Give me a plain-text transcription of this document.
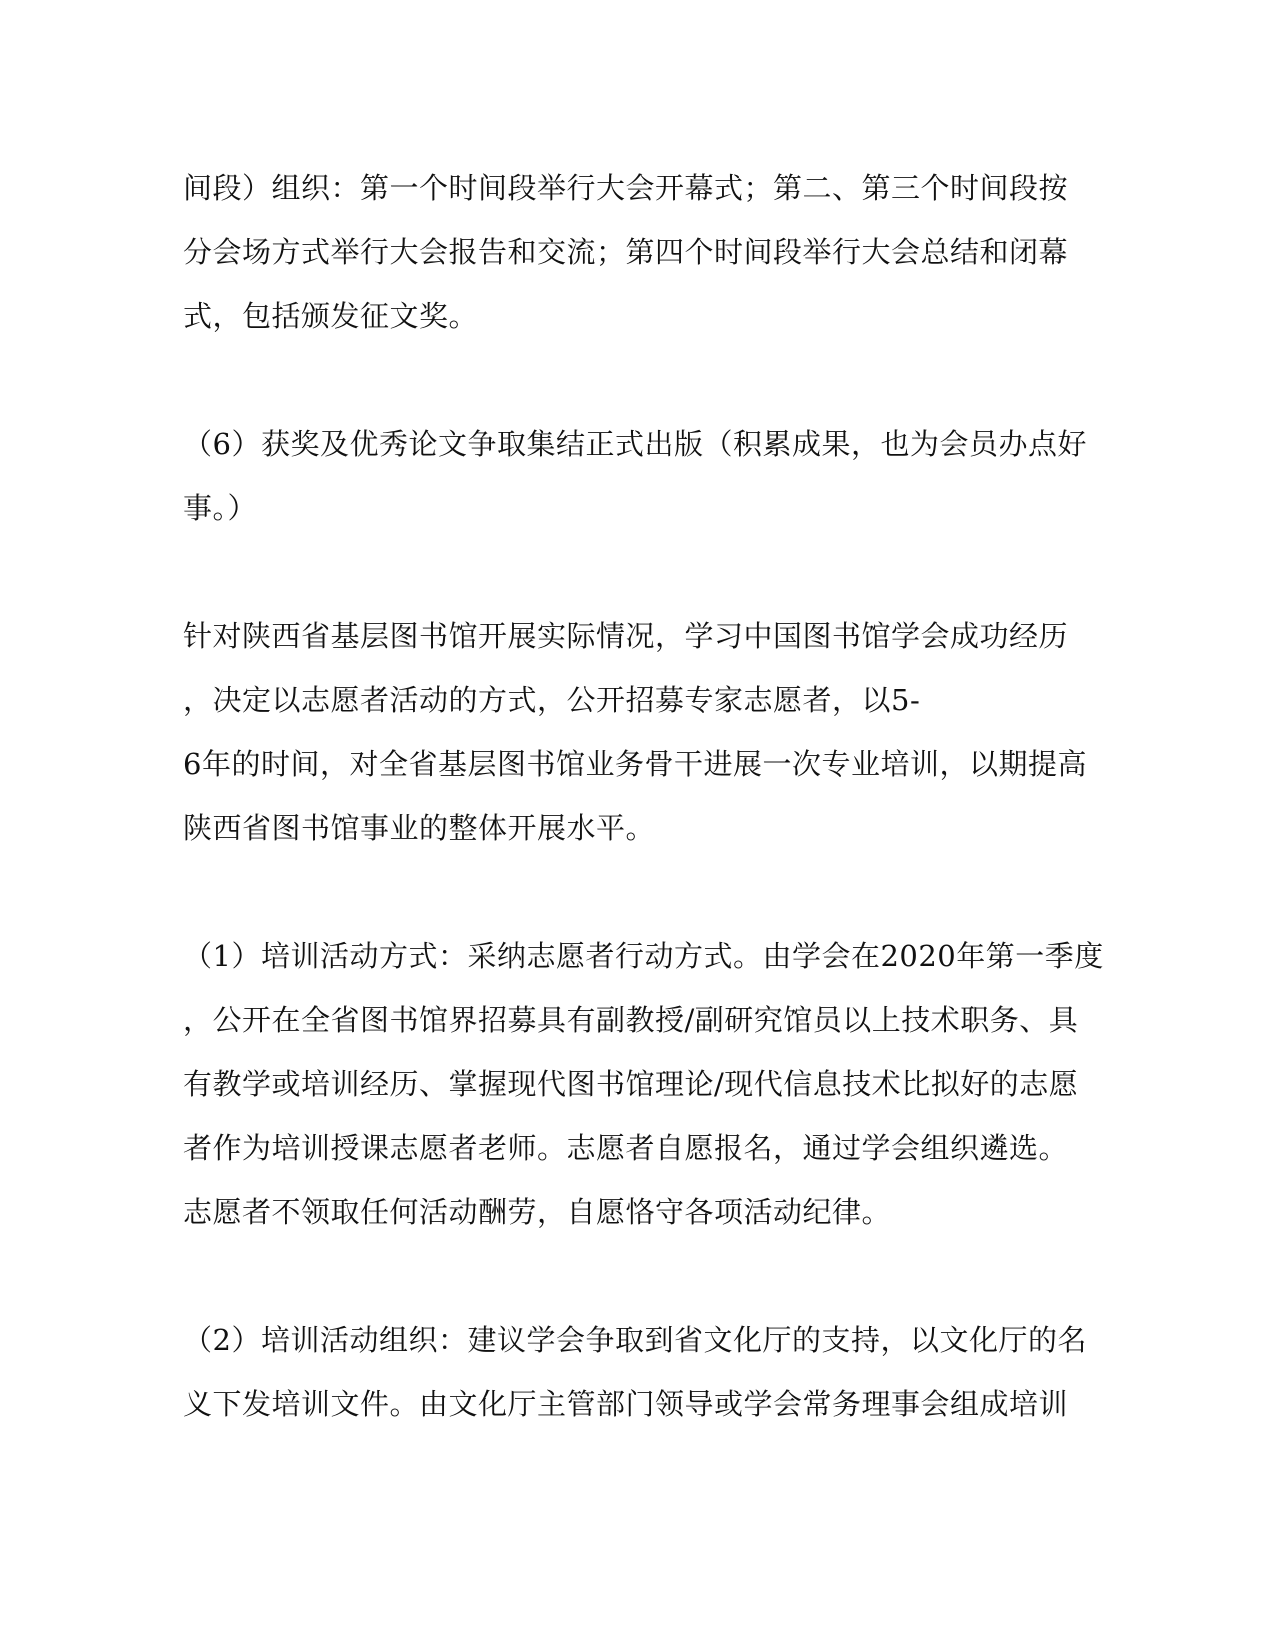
间段）组织：第一个时间段举行大会开幕式；第二、第三个时间段按
分会场方式举行大会报告和交流；第四个时间段举行大会总结和闭幕
式，包括颁发征文奖。
（6）获奖及优秀论文争取集结正式出版（积累成果，也为会员办点好
事。）
针对陕西省基层图书馆开展实际情况，学习中国图书馆学会成功经历
，决定以志愿者活动的方式，公开招募专家志愿者，以5-
6年的时间，对全省基层图书馆业务骨干进展一次专业培训，以期提高
陕西省图书馆事业的整体开展水平。
（1）培训活动方式：采纳志愿者行动方式。由学会在2020年第一季度
，公开在全省图书馆界招募具有副教授/副研究馆员以上技术职务、具
有教学或培训经历、掌握现代图书馆理论/现代信息技术比拟好的志愿
者作为培训授课志愿者老师。志愿者自愿报名，通过学会组织遴选。
志愿者不领取任何活动酬劳，自愿恪守各项活动纪律。
（2）培训活动组织：建议学会争取到省文化厅的支持，以文化厅的名
义下发培训文件。由文化厅主管部门领导或学会常务理事会组成培训
